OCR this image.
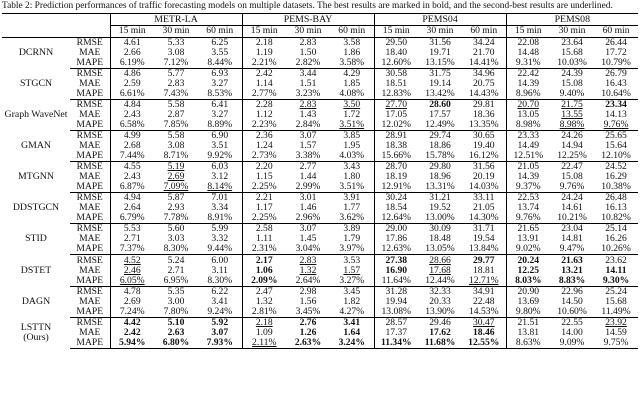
Table 2: Prediction performances of traffic forecasting models on multiple datasets. The best results are marked in bold, and the second-best results are underlined.
		METR-LA			PEMS-BAY			PEMS04			PEMS08		
		15 min	30 min	60 min	15 min	30 min	60 min	15 min	30 min	60 min	15 min	30 min	60 min

DCRNN	RMSE	4.61	5.33	6.25	2.18	2.83	3.58	29.50	31.56	34.24	22.08	23.64	26.44
	MAE	2.66	3.08	3.55	1.19	1.50	1.86	18.40	19.71	21.70	14.48	15.68	17.72
	MAPE	6.19%	7.12%	8.44%	2.21%	2.82%	3.58%	12.60%	13.15%	14.41%	9.31%	10.03%	10.79%

STGCN	RMSE	4.86	5.77	6.93	2.42	3.44	4.29	30.58	31.75	34.96	22.42	24.39	26.79
	MAE	2.59	2.83	3.27	1.14	1.51	1.85	18.51	19.14	20.75	14.39	15.08	16.43
	MAPE	6.61%	7.43%	8.53%	2.77%	3.23%	4.08%	12.83%	13.42%	14.43%	8.96%	9.40%	10.64%

Graph WaveNet	RMSE	4.84	5.58	6.41	2.28	2.83	3.50	27.70	28.60	29.81	20.70	21.75	23.34
	MAE	2.43	2.87	3.27	1.12	1.43	1.72	17.05	17.57	18.36	13.05	13.55	14.13
	MAPE	6.58%	7.85%	8.89%	2.23%	2.84%	3.51%	12.02%	12.49%	13.35%	8.98%	8.98%	9.76%

GMAN	RMSE	4.99	5.58	6.90	2.36	3.07	3.85	28.91	29.74	30.65	23.33	24.26	25.65
	MAE	2.68	3.08	3.51	1.24	1.57	1.95	18.38	18.86	19.40	14.49	14.94	15.64
	MAPE	7.44%	8.71%	9.92%	2.73%	3.38%	4.03%	15.66%	15.78%	16.12%	12.51%	12.25%	12.10%

MTGNN	RMSE	4.55	5.19	6.03	2.20	2.77	3.43	28.70	29.80	31.56	21.05	22.47	24.52
	MAE	2.43	2.69	3.12	1.15	1.44	1.80	18.19	18.96	20.19	14.39	15.08	16.29
	MAPE	6.87%	7.09%	8.14%	2.25%	2.99%	3.51%	12.91%	13.31%	14.03%	9.37%	9.76%	10.38%

DDSTGCN	RMSE	4.94	5.87	7.01	2.21	3.01	3.91	30.24	31.21	33.11	22.53	24.24	26.48
	MAE	2.64	2.93	3.34	1.17	1.46	1.77	18.54	19.52	21.05	13.74	14.61	16.13
	MAPE	6.79%	7.78%	8.91%	2.25%	2.96%	3.62%	12.64%	13.00%	14.30%	9.76%	10.21%	10.82%

STID	RMSE	5.53	5.60	5.99	2.58	3.07	3.89	29.00	30.09	31.71	21.65	23.04	25.14
	MAE	2.71	3.03	3.32	1.11	1.45	1.79	17.86	18.48	19.54	13.91	14.81	16.26
	MAPE	7.37%	8.30%	9.44%	2.31%	3.04%	3.97%	12.63%	13.05%	13.84%	9.02%	9.47%	10.26%

DSTET	RMSE	4.52	5.24	6.00	2.17	2.83	3.53	27.38	28.66	29.77	20.24	21.63	23.62
	MAE	2.46	2.71	3.11	1.06	1.32	1.57	16.90	17.68	18.81	12.25	13.21	14.11
	MAPE	6.05%	6.95%	8.30%	2.09%	2.64%	3.27%	11.64%	12.44%	12.71%	8.03%	8.83%	9.30%

DAGN	RMSE	4.78	5.35	6.22	2.47	2.98	3.45	31.28	32.33	34.91	20.90	22.96	25.24
	MAE	2.69	3.00	3.41	1.32	1.56	1.82	19.94	20.33	22.48	13.69	14.50	15.68
	MAPE	7.24%	7.80%	9.24%	2.81%	3.45%	4.27%	13.08%	13.90%	14.53%	9.80%	10.60%	11.49%

LSTTN
(Ours)	RMSE	4.42	5.10	5.92	2.18	2.76	3.41	28.57	29.46	30.47	21.51	22.55	23.92
	MAE	2.42	2.63	3.07	1.09	1.26	1.64	17.37	17.62	18.46	13.81	14.00	14.59
	MAPE	5.94%	6.80%	7.93%	2.11%	2.63%	3.24%	11.34%	11.68%	12.55%	8.63%	9.09%	9.75%
